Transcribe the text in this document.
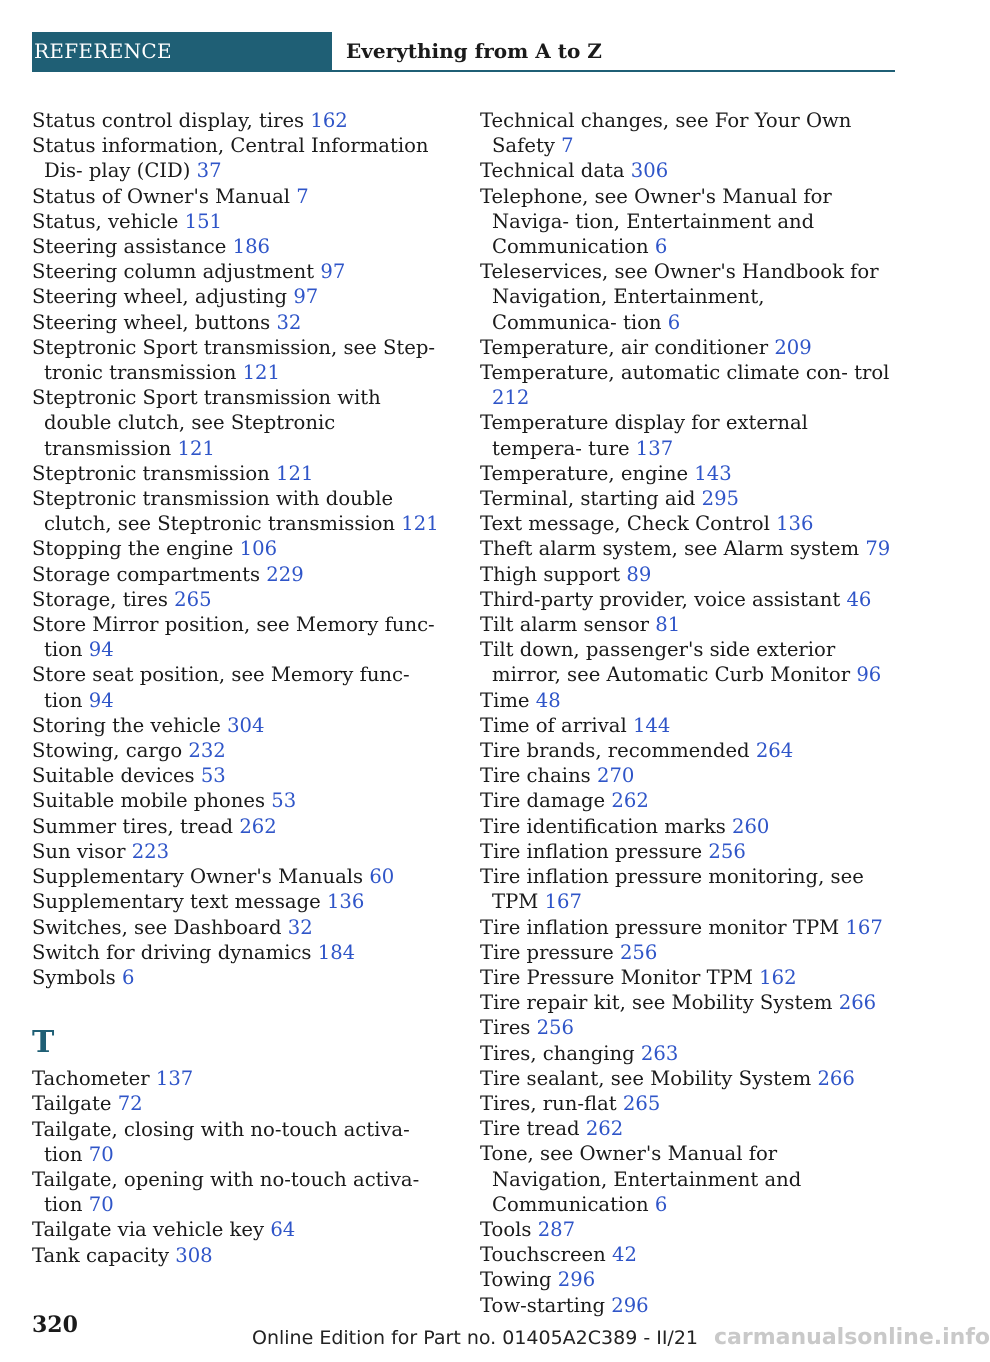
REFERENCE	Everything from A to Z
Status control display, tires 162
Status information, Central Information Dis- play (CID) 37
Status of Owner's Manual 7
Status, vehicle 151
Steering assistance 186
Steering column adjustment 97
Steering wheel, adjusting 97
Steering wheel, buttons 32
Steptronic Sport transmission, see Step- tronic transmission 121
Steptronic Sport transmission with double clutch, see Steptronic transmission 121
Steptronic transmission 121
Steptronic transmission with double clutch, see Steptronic transmission 121
Stopping the engine 106
Storage compartments 229
Storage, tires 265
Store Mirror position, see Memory func- tion 94
Store seat position, see Memory func- tion 94
Storing the vehicle 304
Stowing, cargo 232
Suitable devices 53
Suitable mobile phones 53
Summer tires, tread 262
Sun visor 223
Supplementary Owner's Manuals 60
Supplementary text message 136
Switches, see Dashboard 32
Switch for driving dynamics 184
Symbols 6
T
Tachometer 137
Tailgate 72
Tailgate, closing with no-touch activa- tion 70
Tailgate, opening with no-touch activa- tion 70
Tailgate via vehicle key 64
Tank capacity 308
Technical changes, see For Your Own Safety 7
Technical data 306
Telephone, see Owner's Manual for Naviga- tion, Entertainment and Communication 6
Teleservices, see Owner's Handbook for Navigation, Entertainment, Communica- tion 6
Temperature, air conditioner 209
Temperature, automatic climate con- trol 212
Temperature display for external tempera- ture 137
Temperature, engine 143
Terminal, starting aid 295
Text message, Check Control 136
Theft alarm system, see Alarm system 79
Thigh support 89
Third-party provider, voice assistant 46
Tilt alarm sensor 81
Tilt down, passenger's side exterior mirror, see Automatic Curb Monitor 96
Time 48
Time of arrival 144
Tire brands, recommended 264
Tire chains 270
Tire damage 262
Tire identification marks 260
Tire inflation pressure 256
Tire inflation pressure monitoring, see TPM 167
Tire inflation pressure monitor TPM 167
Tire pressure 256
Tire Pressure Monitor TPM 162
Tire repair kit, see Mobility System 266
Tires 256
Tires, changing 263
Tire sealant, see Mobility System 266
Tires, run-flat 265
Tire tread 262
Tone, see Owner's Manual for Navigation, Entertainment and Communication 6
Tools 287
Touchscreen 42
Towing 296
Tow-starting 296
320	Online Edition for Part no. 01405A2C389 - II/21 carmanualsonline.info
